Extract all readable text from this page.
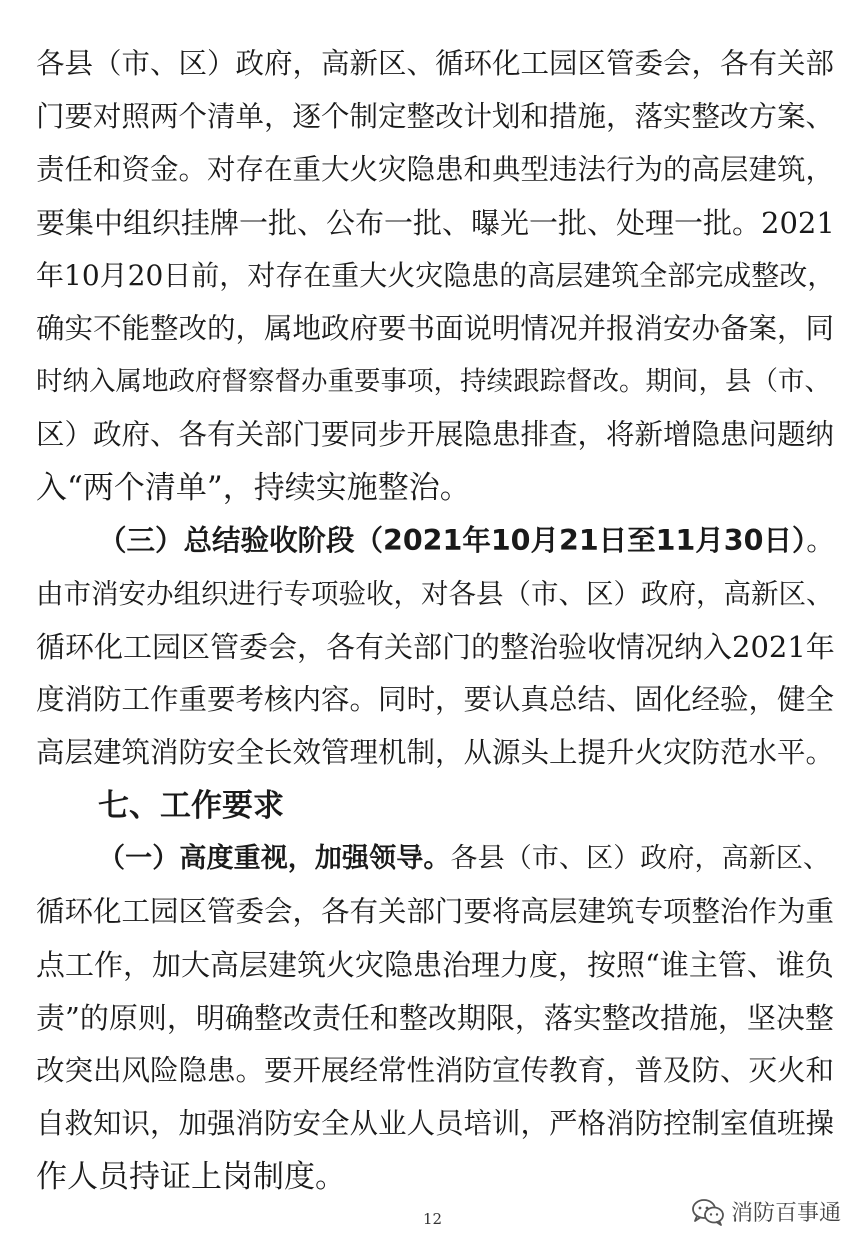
各县（市、区）政府，高新区、循环化工园区管委会，各有关部
门要对照两个清单，逐个制定整改计划和措施，落实整改方案、
责任和资金。对存在重大火灾隐患和典型违法行为的高层建筑，
要集中组织挂牌一批、公布一批、曝光一批、处理一批。2021
年10月20日前，对存在重大火灾隐患的高层建筑全部完成整改，
确实不能整改的，属地政府要书面说明情况并报消安办备案，同
时纳入属地政府督察督办重要事项，持续跟踪督改。期间，县（市、
区）政府、各有关部门要同步开展隐患排查，将新增隐患问题纳
入“两个清单”，持续实施整治。
（三）总结验收阶段（2021年10月21日至11月30日）。
由市消安办组织进行专项验收，对各县（市、区）政府，高新区、
循环化工园区管委会，各有关部门的整治验收情况纳入2021年
度消防工作重要考核内容。同时，要认真总结、固化经验，健全
高层建筑消防安全长效管理机制，从源头上提升火灾防范水平。
七、工作要求
（一）高度重视，加强领导。各县（市、区）政府，高新区、
循环化工园区管委会，各有关部门要将高层建筑专项整治作为重
点工作，加大高层建筑火灾隐患治理力度，按照“谁主管、谁负
责”的原则，明确整改责任和整改期限，落实整改措施，坚决整
改突出风险隐患。要开展经常性消防宣传教育，普及防、灭火和
自救知识，加强消防安全从业人员培训，严格消防控制室值班操
作人员持证上岗制度。
12	消防百事通
